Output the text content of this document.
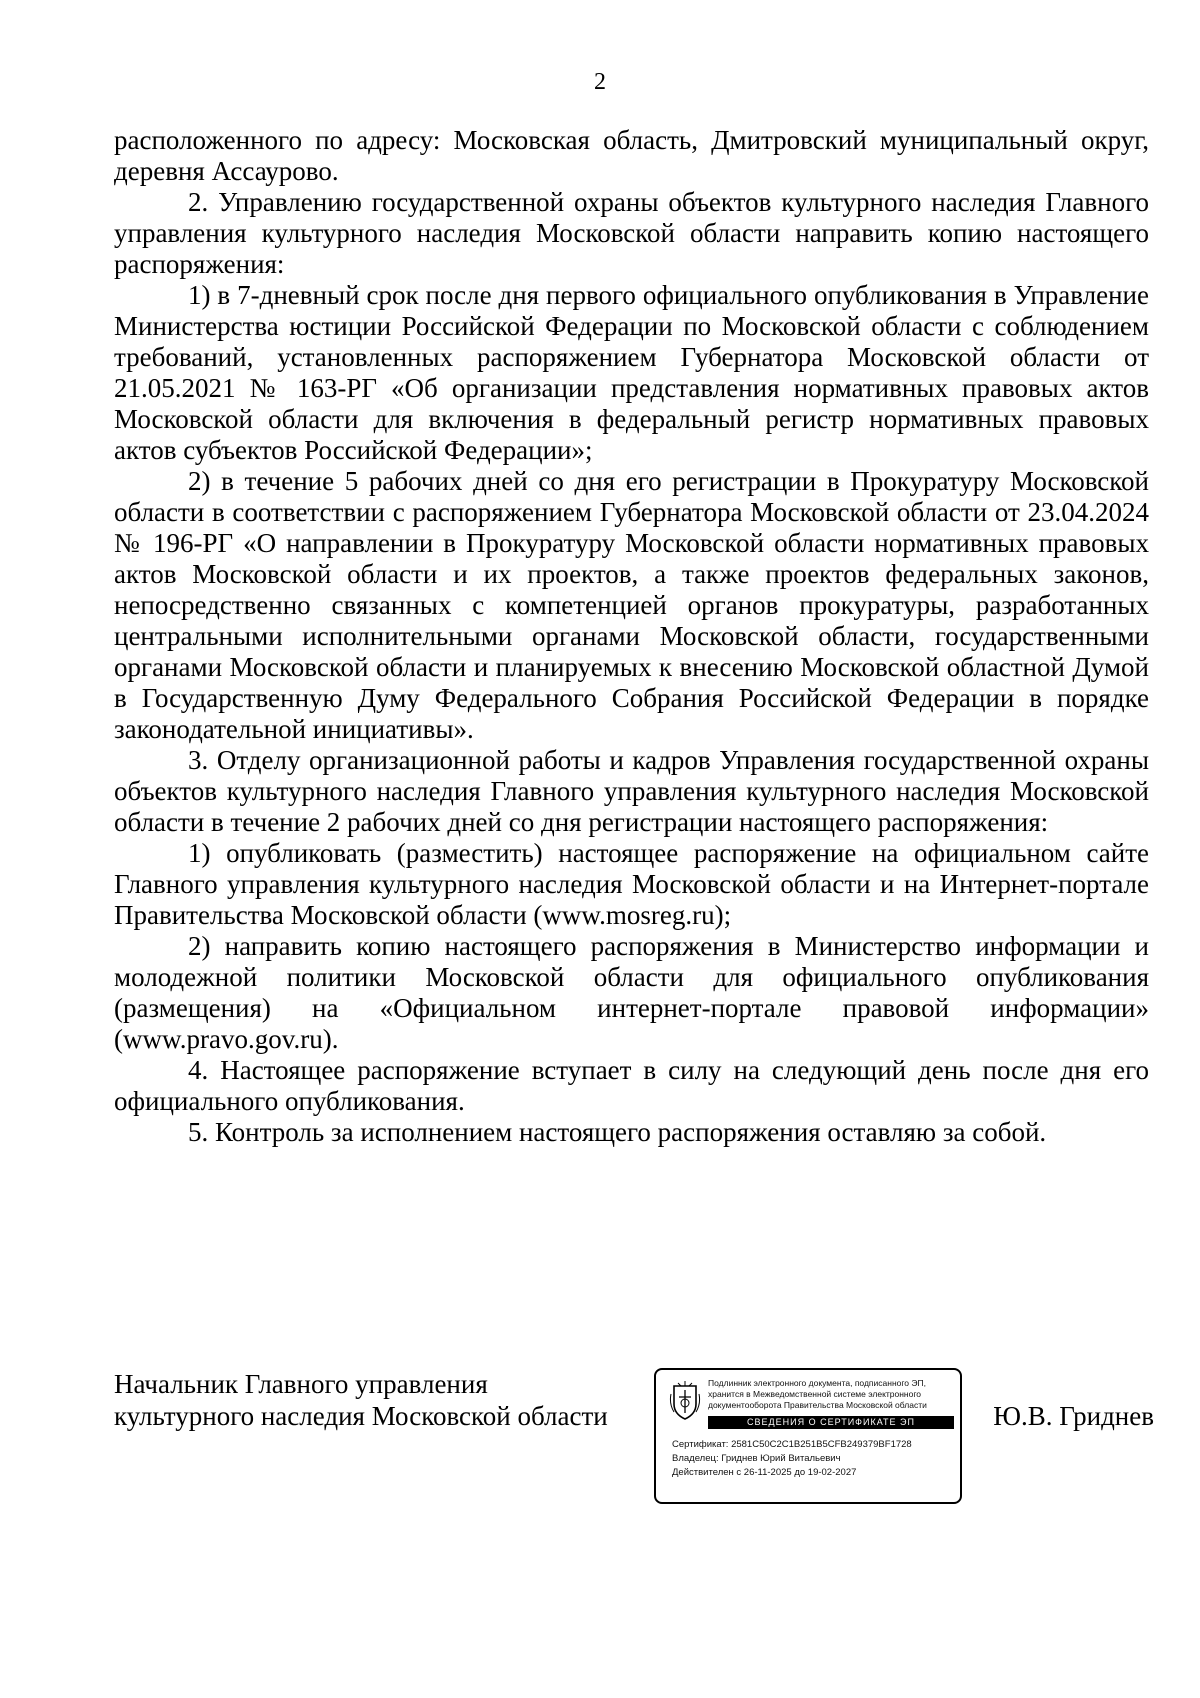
2

расположенного по адресу: Московская область, Дмитровский муниципальный округ, деревня Ассаурово.

2. Управлению государственной охраны объектов культурного наследия Главного управления культурного наследия Московской области направить копию настоящего распоряжения:

1) в 7-дневный срок после дня первого официального опубликования в Управление Министерства юстиции Российской Федерации по Московской области с соблюдением требований, установленных распоряжением Губернатора Московской области от 21.05.2021 № 163-РГ «Об организации представления нормативных правовых актов Московской области для включения в федеральный регистр нормативных правовых актов субъектов Российской Федерации»;

2) в течение 5 рабочих дней со дня его регистрации в Прокуратуру Московской области в соответствии с распоряжением Губернатора Московской области от 23.04.2024 № 196-РГ «О направлении в Прокуратуру Московской области нормативных правовых актов Московской области и их проектов, а также проектов федеральных законов, непосредственно связанных с компетенцией органов прокуратуры, разработанных центральными исполнительными органами Московской области, государственными органами Московской области и планируемых к внесению Московской областной Думой в Государственную Думу Федерального Собрания Российской Федерации в порядке законодательной инициативы».

3. Отделу организационной работы и кадров Управления государственной охраны объектов культурного наследия Главного управления культурного наследия Московской области в течение 2 рабочих дней со дня регистрации настоящего распоряжения:

1) опубликовать (разместить) настоящее распоряжение на официальном сайте Главного управления культурного наследия Московской области и на Интернет-портале Правительства Московской области (www.mosreg.ru);

2) направить копию настоящего распоряжения в Министерство информации и молодежной политики Московской области для официального опубликования (размещения) на «Официальном интернет-портале правовой информации» (www.pravo.gov.ru).

4. Настоящее распоряжение вступает в силу на следующий день после дня его официального опубликования.

5. Контроль за исполнением настоящего распоряжения оставляю за собой.

Начальник Главного управления
культурного наследия Московской области
Подлинник электронного документа, подписанного ЭП,
хранится в Межведомственной системе электронного
документооборота Правительства Московской области
СВЕДЕНИЯ О СЕРТИФИКАТЕ ЭП
Сертификат: 2581C50C2C1B251B5CFB249379BF1728
Владелец: Гриднев Юрий Витальевич
Действителен с 26-11-2025 до 19-02-2027
Ю.В. Гриднев
